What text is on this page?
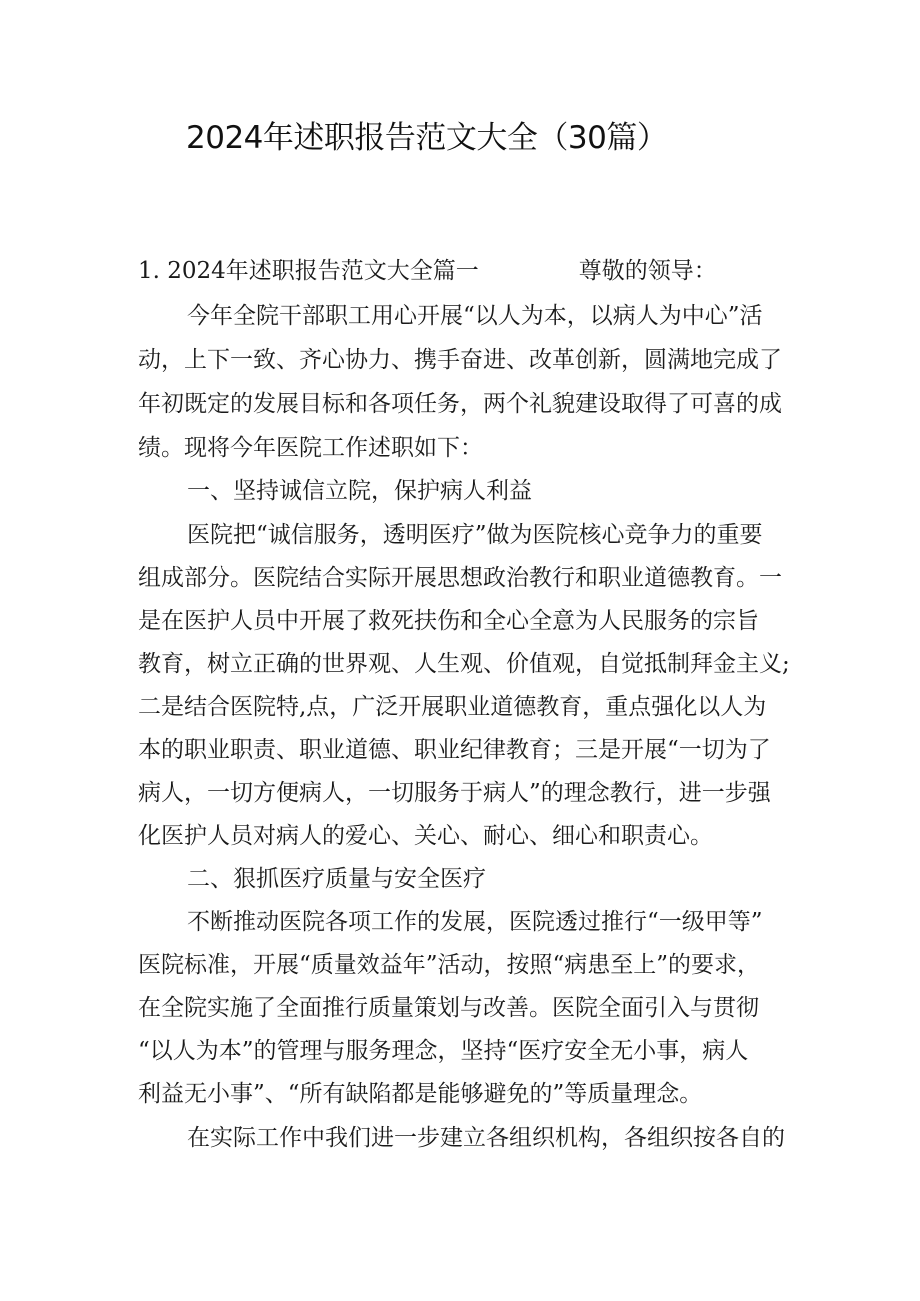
2024年述职报告范文大全（30篇）
1. 2024年述职报告范文大全篇一	尊敬的领导：
今年全院干部职工用心开展“以人为本，以病人为中心”活
动，上下一致、齐心协力、携手奋进、改革创新，圆满地完成了
年初既定的发展目标和各项任务，两个礼貌建设取得了可喜的成
绩。现将今年医院工作述职如下：
一、坚持诚信立院，保护病人利益
医院把“诚信服务，透明医疗”做为医院核心竞争力的重要
组成部分。医院结合实际开展思想政治教行和职业道德教育。一
是在医护人员中开展了救死扶伤和全心全意为人民服务的宗旨
教育，树立正确的世界观、人生观、价值观，自觉抵制拜金主义;
二是结合医院特,点，广泛开展职业道德教育，重点强化以人为
本的职业职责、职业道德、职业纪律教育；三是开展“一切为了
病人，一切方便病人，一切服务于病人”的理念教行，进一步强
化医护人员对病人的爱心、关心、耐心、细心和职责心。
二、狠抓医疗质量与安全医疗
不断推动医院各项工作的发展，医院透过推行“一级甲等”
医院标准，开展“质量效益年”活动，按照“病患至上”的要求，
在全院实施了全面推行质量策划与改善。医院全面引入与贯彻
“以人为本”的管理与服务理念，坚持“医疗安全无小事，病人
利益无小事”、“所有缺陷都是能够避免的”等质量理念。
在实际工作中我们进一步建立各组织机构，各组织按各自的
